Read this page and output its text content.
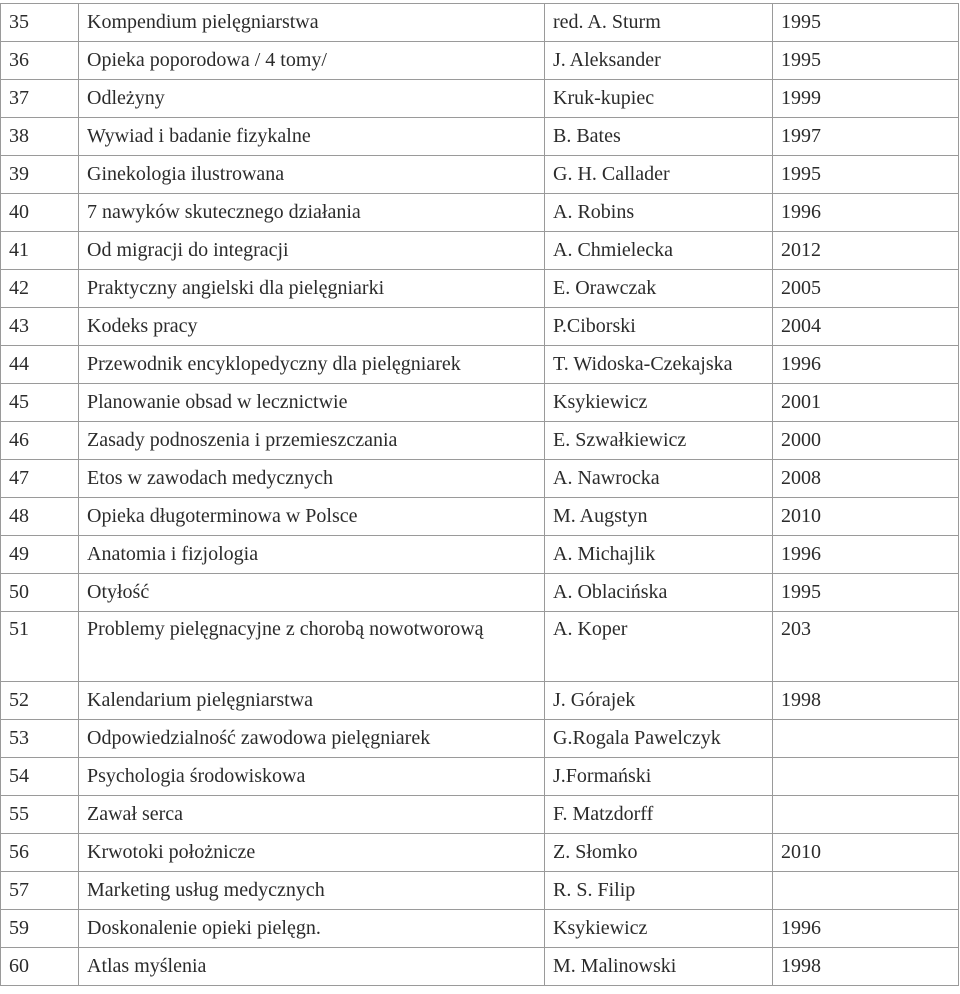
35	Kompendium pielęgniarstwa	red. A. Sturm	1995
36	Opieka poporodowa / 4 tomy/	J. Aleksander	1995
37	Odleżyny	Kruk-kupiec	1999
38	Wywiad i badanie fizykalne	B. Bates	1997
39	Ginekologia ilustrowana	G. H. Callader	1995
40	7 nawyków skutecznego działania	A. Robins	1996
41	Od migracji do integracji	A. Chmielecka	2012
42	Praktyczny angielski dla pielęgniarki	E. Orawczak	2005
43	Kodeks pracy	P.Ciborski	2004
44	Przewodnik encyklopedyczny dla pielęgniarek	T. Widoska-Czekajska	1996
45	Planowanie obsad w lecznictwie	Ksykiewicz	2001
46	Zasady podnoszenia i przemieszczania	E. Szwałkiewicz	2000
47	Etos w zawodach medycznych	A. Nawrocka	2008
48	Opieka długoterminowa w Polsce	M. Augstyn	2010
49	Anatomia i fizjologia	A. Michajlik	1996
50	Otyłość	A. Oblacińska	1995
51	Problemy pielęgnacyjne z chorobą nowotworową	A. Koper	203
52	Kalendarium pielęgniarstwa	J. Górajek	1998
53	Odpowiedzialność zawodowa pielęgniarek	G.Rogala Pawelczyk	
54	Psychologia środowiskowa	J.Formański	
55	Zawał serca	F. Matzdorff	
56	Krwotoki położnicze	Z. Słomko	2010
57	Marketing usług medycznych	R. S. Filip	
59	Doskonalenie opieki pielęgn.	Ksykiewicz	1996
60	Atlas myślenia	M. Malinowski	1998
